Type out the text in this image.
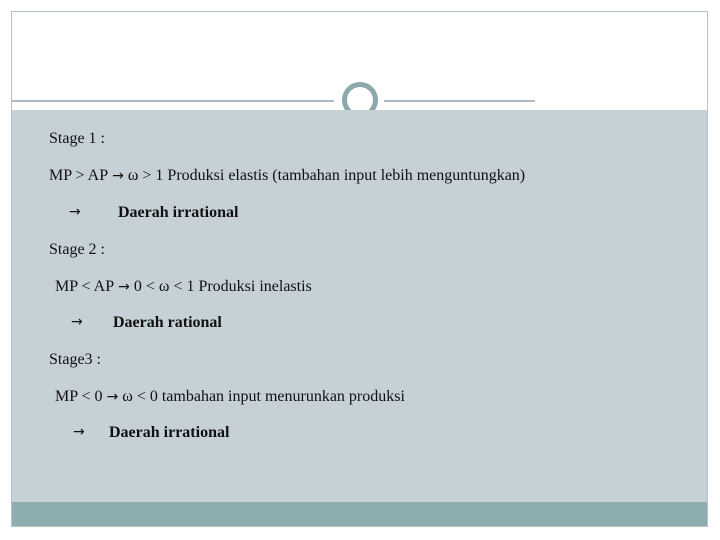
Stage 1 :
MP > AP → ω > 1 Produksi elastis (tambahan input lebih menguntungkan)
→ Daerah irrational
Stage 2 :
MP < AP → 0 < ω < 1 Produksi inelastis
→ Daerah rational
Stage3 :
MP < 0 → ω < 0 tambahan input menurunkan produksi
→ Daerah irrational
